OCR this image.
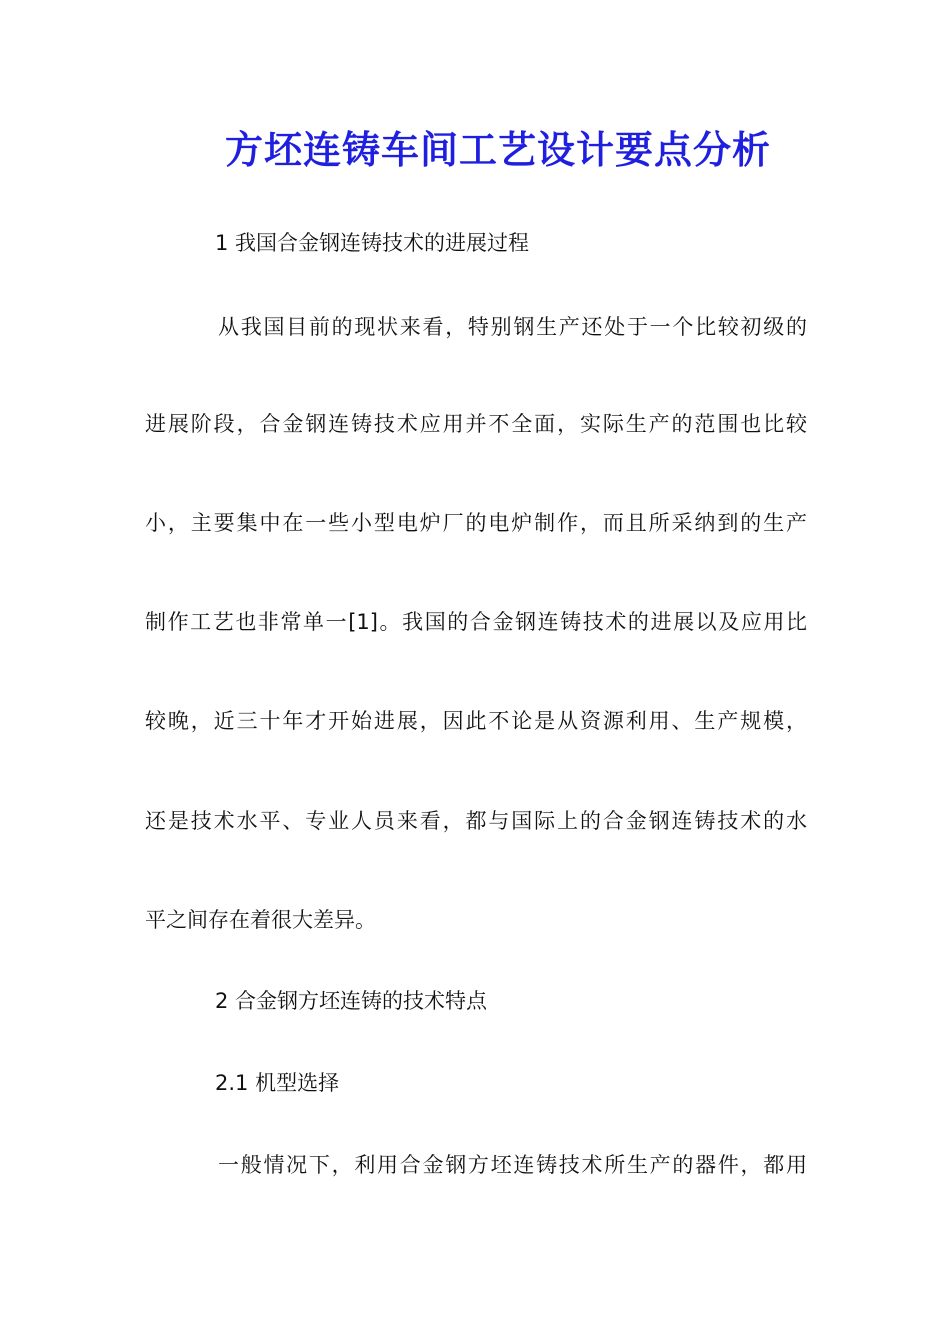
方坯连铸车间工艺设计要点分析
1 我国合金钢连铸技术的进展过程
从我国目前的现状来看，特别钢生产还处于一个比较初级的
进展阶段，合金钢连铸技术应用并不全面，实际生产的范围也比较
小，主要集中在一些小型电炉厂的电炉制作，而且所采纳到的生产
制作工艺也非常单一[1]。我国的合金钢连铸技术的进展以及应用比
较晚，近三十年才开始进展，因此不论是从资源利用、生产规模，
还是技术水平、专业人员来看，都与国际上的合金钢连铸技术的水
平之间存在着很大差异。
2 合金钢方坯连铸的技术特点
2.1 机型选择
一般情况下，利用合金钢方坯连铸技术所生产的器件，都用
